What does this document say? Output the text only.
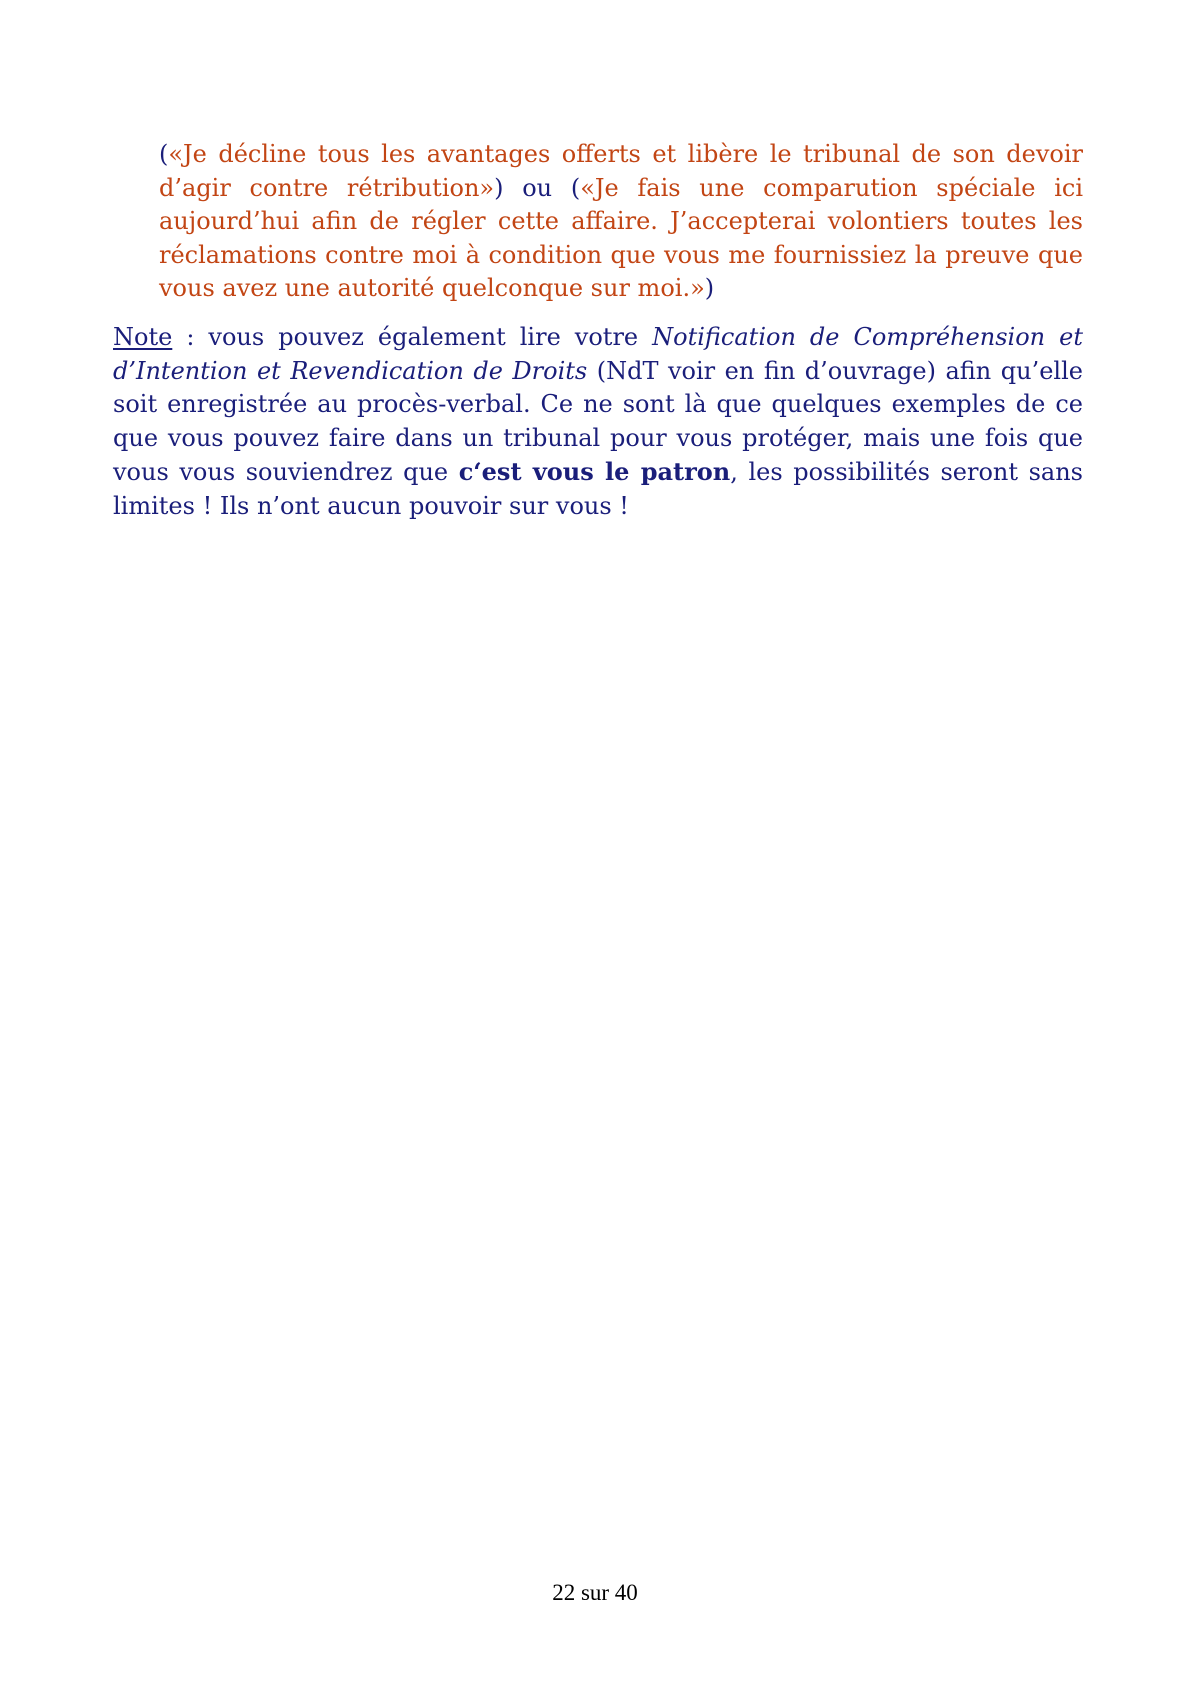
(«Je décline tous les avantages offerts et libère le tribunal de son devoir d’agir contre rétribution») ou («Je fais une comparution spéciale ici aujourd’hui afin de régler cette affaire. J’accepterai volontiers toutes les réclamations contre moi à condition que vous me fournissiez la preuve que vous avez une autorité quelconque sur moi.»)

Note : vous pouvez également lire votre Notification de Compréhension et d’Intention et Revendication de Droits (NdT voir en fin d’ouvrage) afin qu’elle soit enregistrée au procès-verbal. Ce ne sont là que quelques exemples de ce que vous pouvez faire dans un tribunal pour vous protéger, mais une fois que vous vous souviendrez que c‘est vous le patron, les possibilités seront sans limites ! Ils n’ont aucun pouvoir sur vous !

22 sur 40
